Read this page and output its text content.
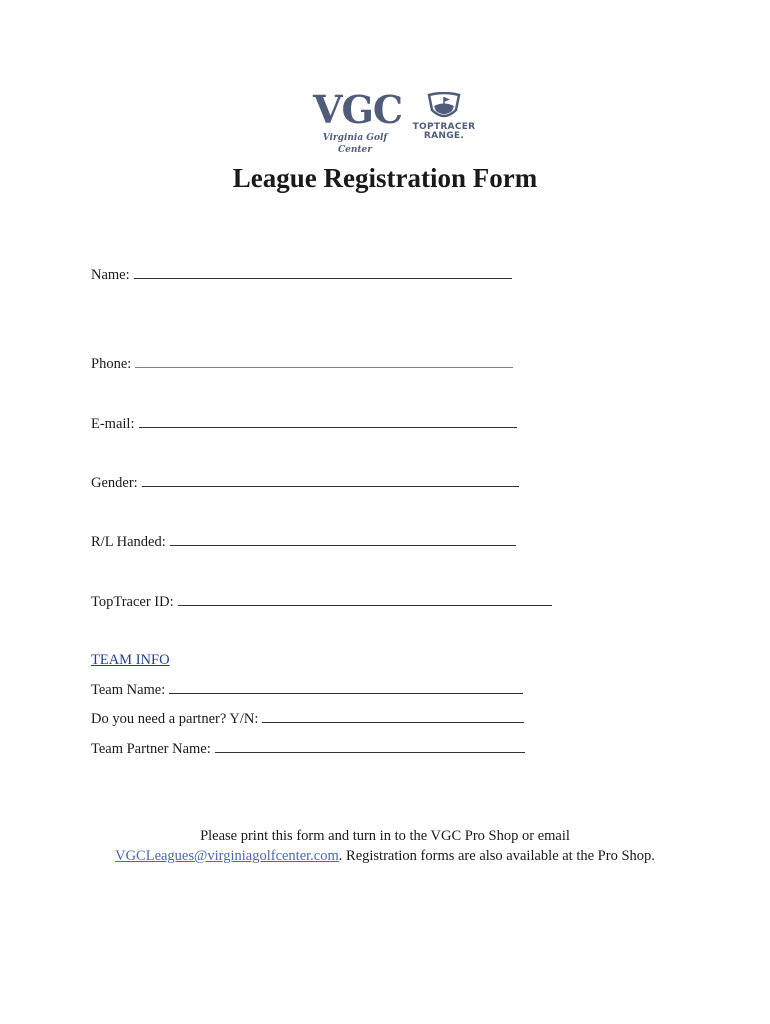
VGC
Virginia Golf Center
TOPTRACER
RANGE.
League Registration Form
Name:
Phone:
E-mail:
Gender:
R/L Handed:
TopTracer ID:
TEAM INFO
Team Name:
Do you need a partner? Y/N:
Team Partner Name:
Please print this form and turn in to the VGC Pro Shop or email
VGCLeagues@virginiagolfcenter.com. Registration forms are also available at the Pro Shop.
